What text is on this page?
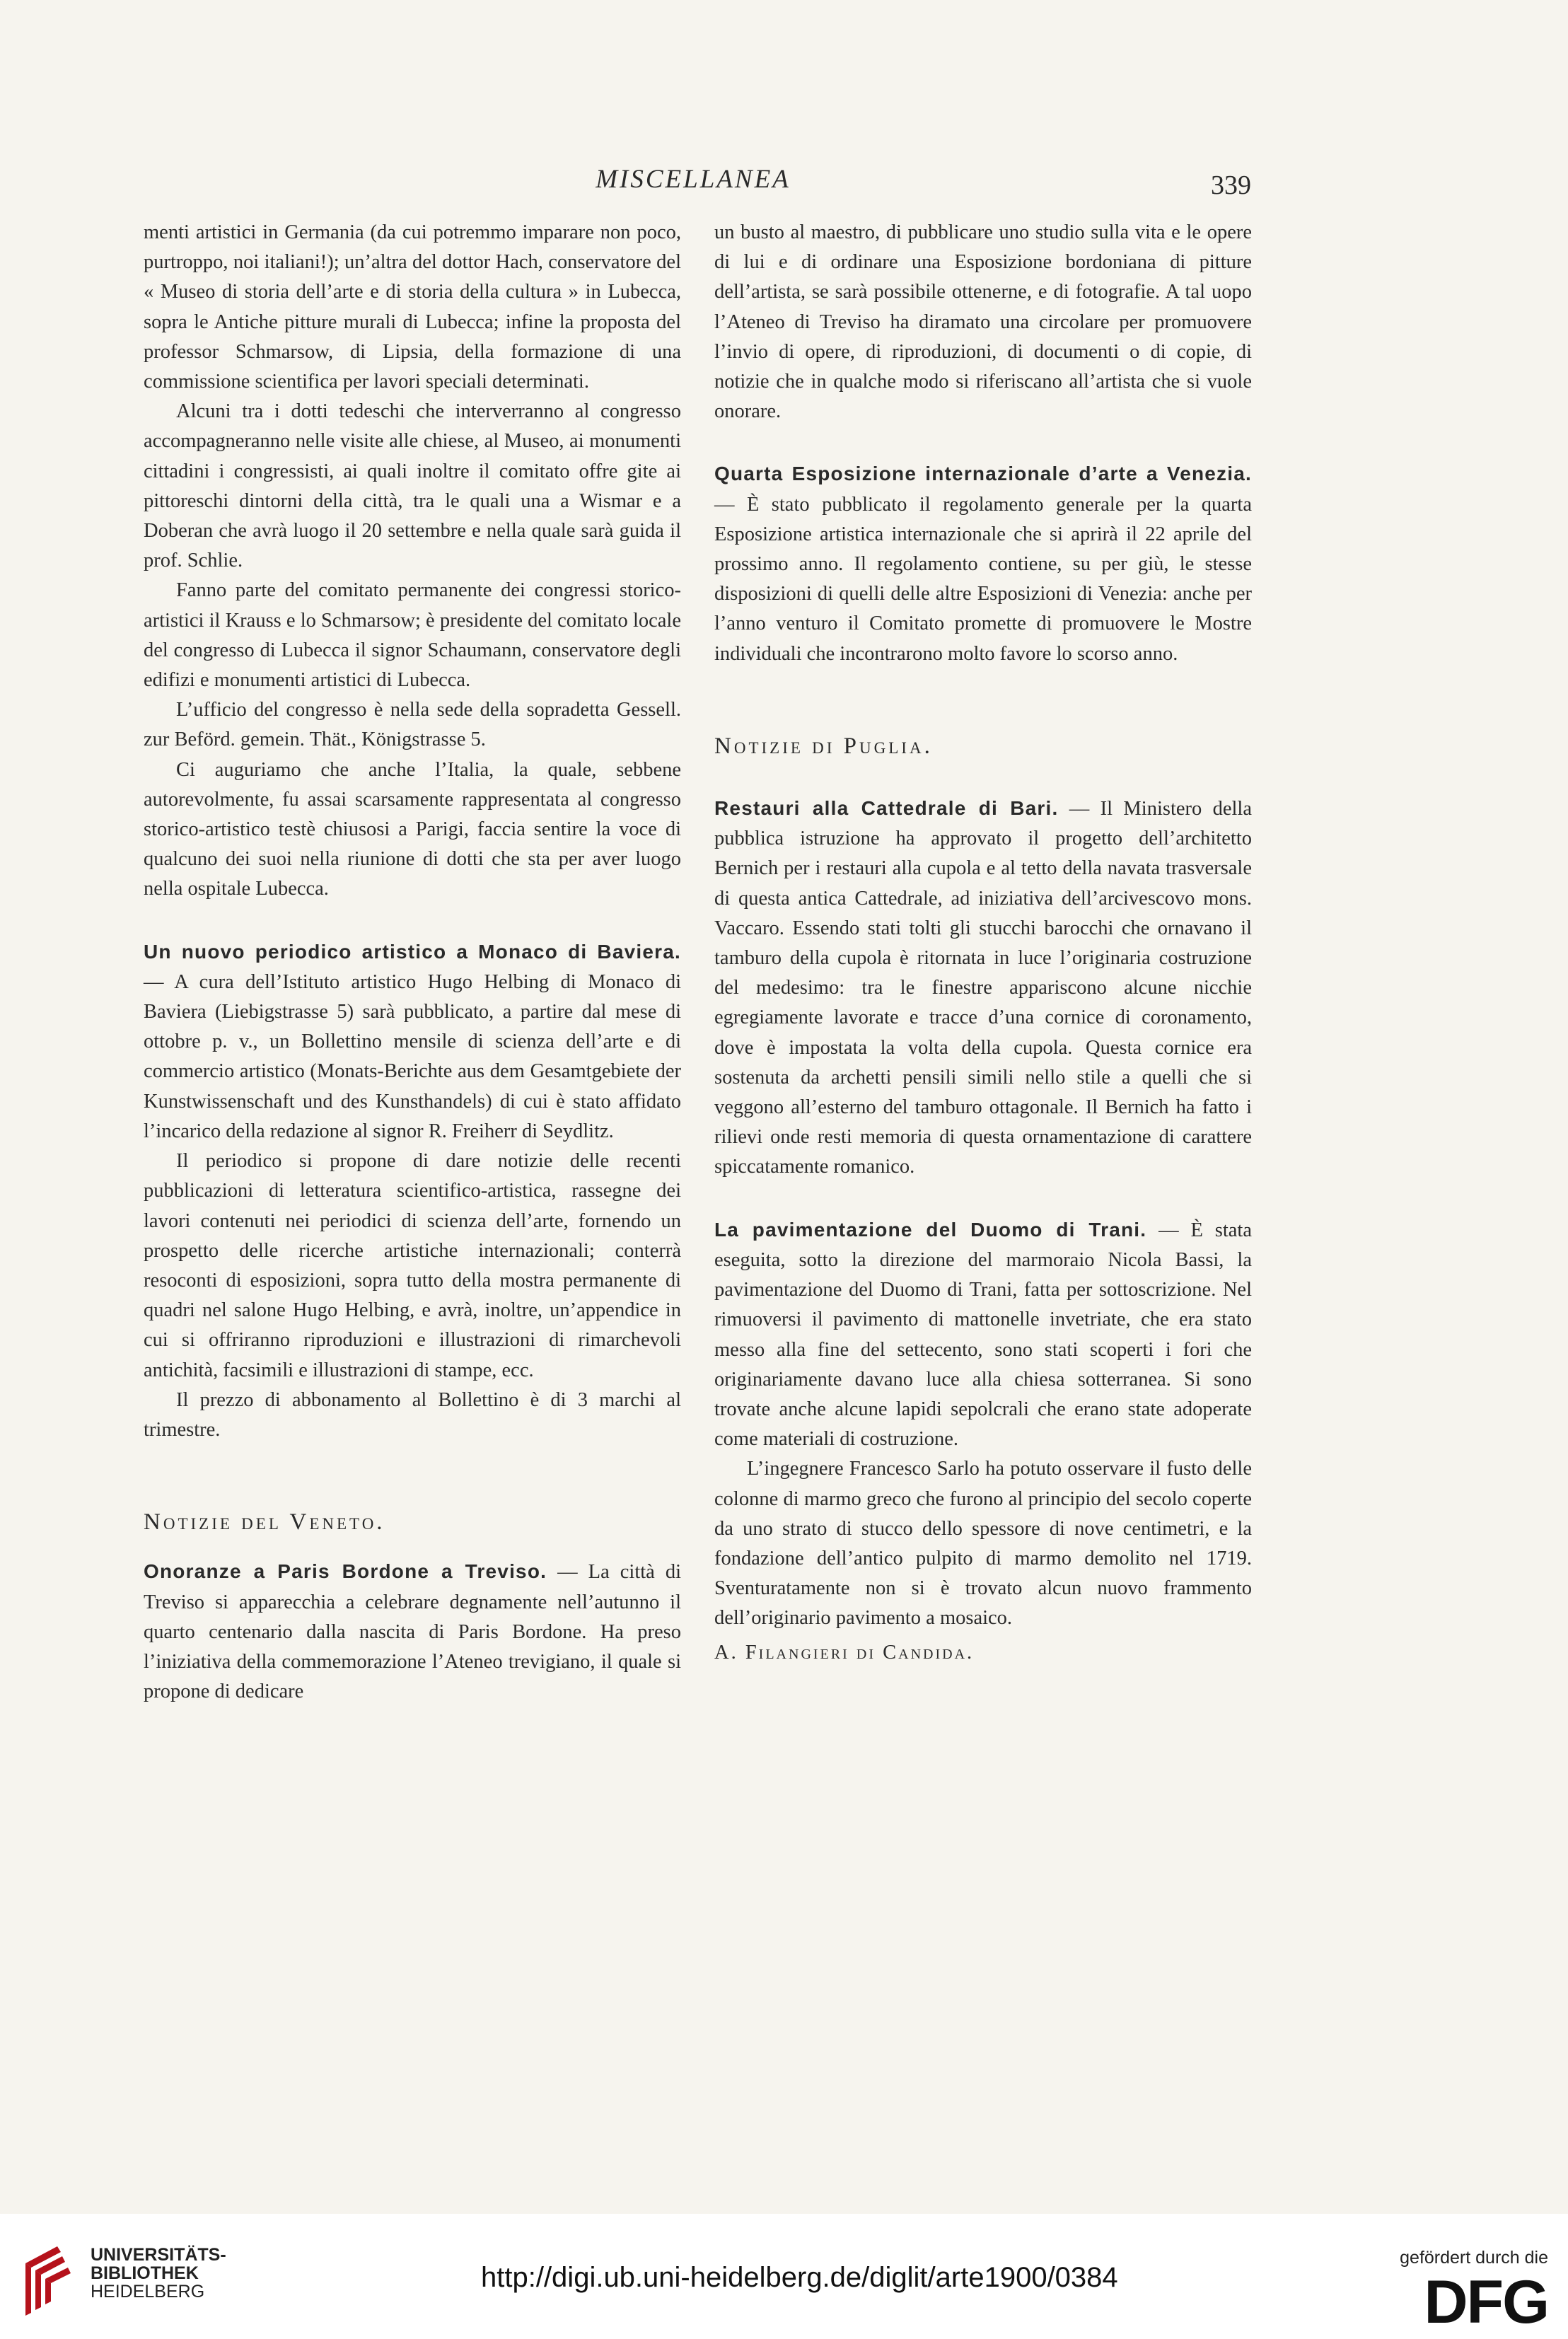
MISCELLANEA	339

menti artistici in Germania (da cui potremmo imparare non poco, purtroppo, noi italiani!); un’altra del dottor Hach, conservatore del « Museo di storia dell’arte e di storia della cultura » in Lubecca, sopra le Antiche pitture murali di Lubecca; infine la proposta del professor Schmarsow, di Lipsia, della formazione di una commissione scientifica per lavori speciali determinati.

Alcuni tra i dotti tedeschi che interverranno al congresso accompagneranno nelle visite alle chiese, al Museo, ai monumenti cittadini i congressisti, ai quali inoltre il comitato offre gite ai pittoreschi dintorni della città, tra le quali una a Wismar e a Doberan che avrà luogo il 20 settembre e nella quale sarà guida il prof. Schlie.

Fanno parte del comitato permanente dei congressi storico-artistici il Krauss e lo Schmarsow; è presidente del comitato locale del congresso di Lubecca il signor Schaumann, conservatore degli edifizi e monumenti artistici di Lubecca.

L’ufficio del congresso è nella sede della sopradetta Gessell. zur Beförd. gemein. Thät., Königstrasse 5.

Ci auguriamo che anche l’Italia, la quale, sebbene autorevolmente, fu assai scarsamente rappresentata al congresso storico-artistico testè chiusosi a Parigi, faccia sentire la voce di qualcuno dei suoi nella riunione di dotti che sta per aver luogo nella ospitale Lubecca.

Un nuovo periodico artistico a Monaco di Baviera. — A cura dell’Istituto artistico Hugo Helbing di Monaco di Baviera (Liebigstrasse 5) sarà pubblicato, a partire dal mese di ottobre p. v., un Bollettino mensile di scienza dell’arte e di commercio artistico (Monats-Berichte aus dem Gesamtgebiete der Kunstwissenschaft und des Kunsthandels) di cui è stato affidato l’incarico della redazione al signor R. Freiherr di Seydlitz.

Il periodico si propone di dare notizie delle recenti pubblicazioni di letteratura scientifico-artistica, rassegne dei lavori contenuti nei periodici di scienza dell’arte, fornendo un prospetto delle ricerche artistiche internazionali; conterrà resoconti di esposizioni, sopra tutto della mostra permanente di quadri nel salone Hugo Helbing, e avrà, inoltre, un’appendice in cui si offriranno riproduzioni e illustrazioni di rimarchevoli antichità, facsimili e illustrazioni di stampe, ecc.

Il prezzo di abbonamento al Bollettino è di 3 marchi al trimestre.

Notizie del Veneto.

Onoranze a Paris Bordone a Treviso. — La città di Treviso si apparecchia a celebrare degnamente nell’autunno il quarto centenario dalla nascita di Paris Bordone. Ha preso l’iniziativa della commemorazione l’Ateneo trevigiano, il quale si propone di dedicare

un busto al maestro, di pubblicare uno studio sulla vita e le opere di lui e di ordinare una Esposizione bordoniana di pitture dell’artista, se sarà possibile ottenerne, e di fotografie. A tal uopo l’Ateneo di Treviso ha diramato una circolare per promuovere l’invio di opere, di riproduzioni, di documenti o di copie, di notizie che in qualche modo si riferiscano all’artista che si vuole onorare.

Quarta Esposizione internazionale d’arte a Venezia. — È stato pubblicato il regolamento generale per la quarta Esposizione artistica internazionale che si aprirà il 22 aprile del prossimo anno. Il regolamento contiene, su per giù, le stesse disposizioni di quelli delle altre Esposizioni di Venezia: anche per l’anno venturo il Comitato promette di promuovere le Mostre individuali che incontrarono molto favore lo scorso anno.

Notizie di Puglia.

Restauri alla Cattedrale di Bari. — Il Ministero della pubblica istruzione ha approvato il progetto dell’architetto Bernich per i restauri alla cupola e al tetto della navata trasversale di questa antica Cattedrale, ad iniziativa dell’arcivescovo mons. Vaccaro. Essendo stati tolti gli stucchi barocchi che ornavano il tamburo della cupola è ritornata in luce l’originaria costruzione del medesimo: tra le finestre appariscono alcune nicchie egregiamente lavorate e tracce d’una cornice di coronamento, dove è impostata la volta della cupola. Questa cornice era sostenuta da archetti pensili simili nello stile a quelli che si veggono all’esterno del tamburo ottagonale. Il Bernich ha fatto i rilievi onde resti memoria di questa ornamentazione di carattere spiccatamente romanico.

La pavimentazione del Duomo di Trani. — È stata eseguita, sotto la direzione del marmoraio Nicola Bassi, la pavimentazione del Duomo di Trani, fatta per sottoscrizione. Nel rimuoversi il pavimento di mattonelle invetriate, che era stato messo alla fine del settecento, sono stati scoperti i fori che originariamente davano luce alla chiesa sotterranea. Si sono trovate anche alcune lapidi sepolcrali che erano state adoperate come materiali di costruzione.

L’ingegnere Francesco Sarlo ha potuto osservare il fusto delle colonne di marmo greco che furono al principio del secolo coperte da uno strato di stucco dello spessore di nove centimetri, e la fondazione dell’antico pulpito di marmo demolito nel 1719. Sventuratamente non si è trovato alcun nuovo frammento dell’originario pavimento a mosaico.

A. Filangieri di Candida.

UNIVERSITÄTS-
BIBLIOTHEK
HEIDELBERG	http://digi.ub.uni-heidelberg.de/diglit/arte1900/0384
gefördert durch die
DFG
